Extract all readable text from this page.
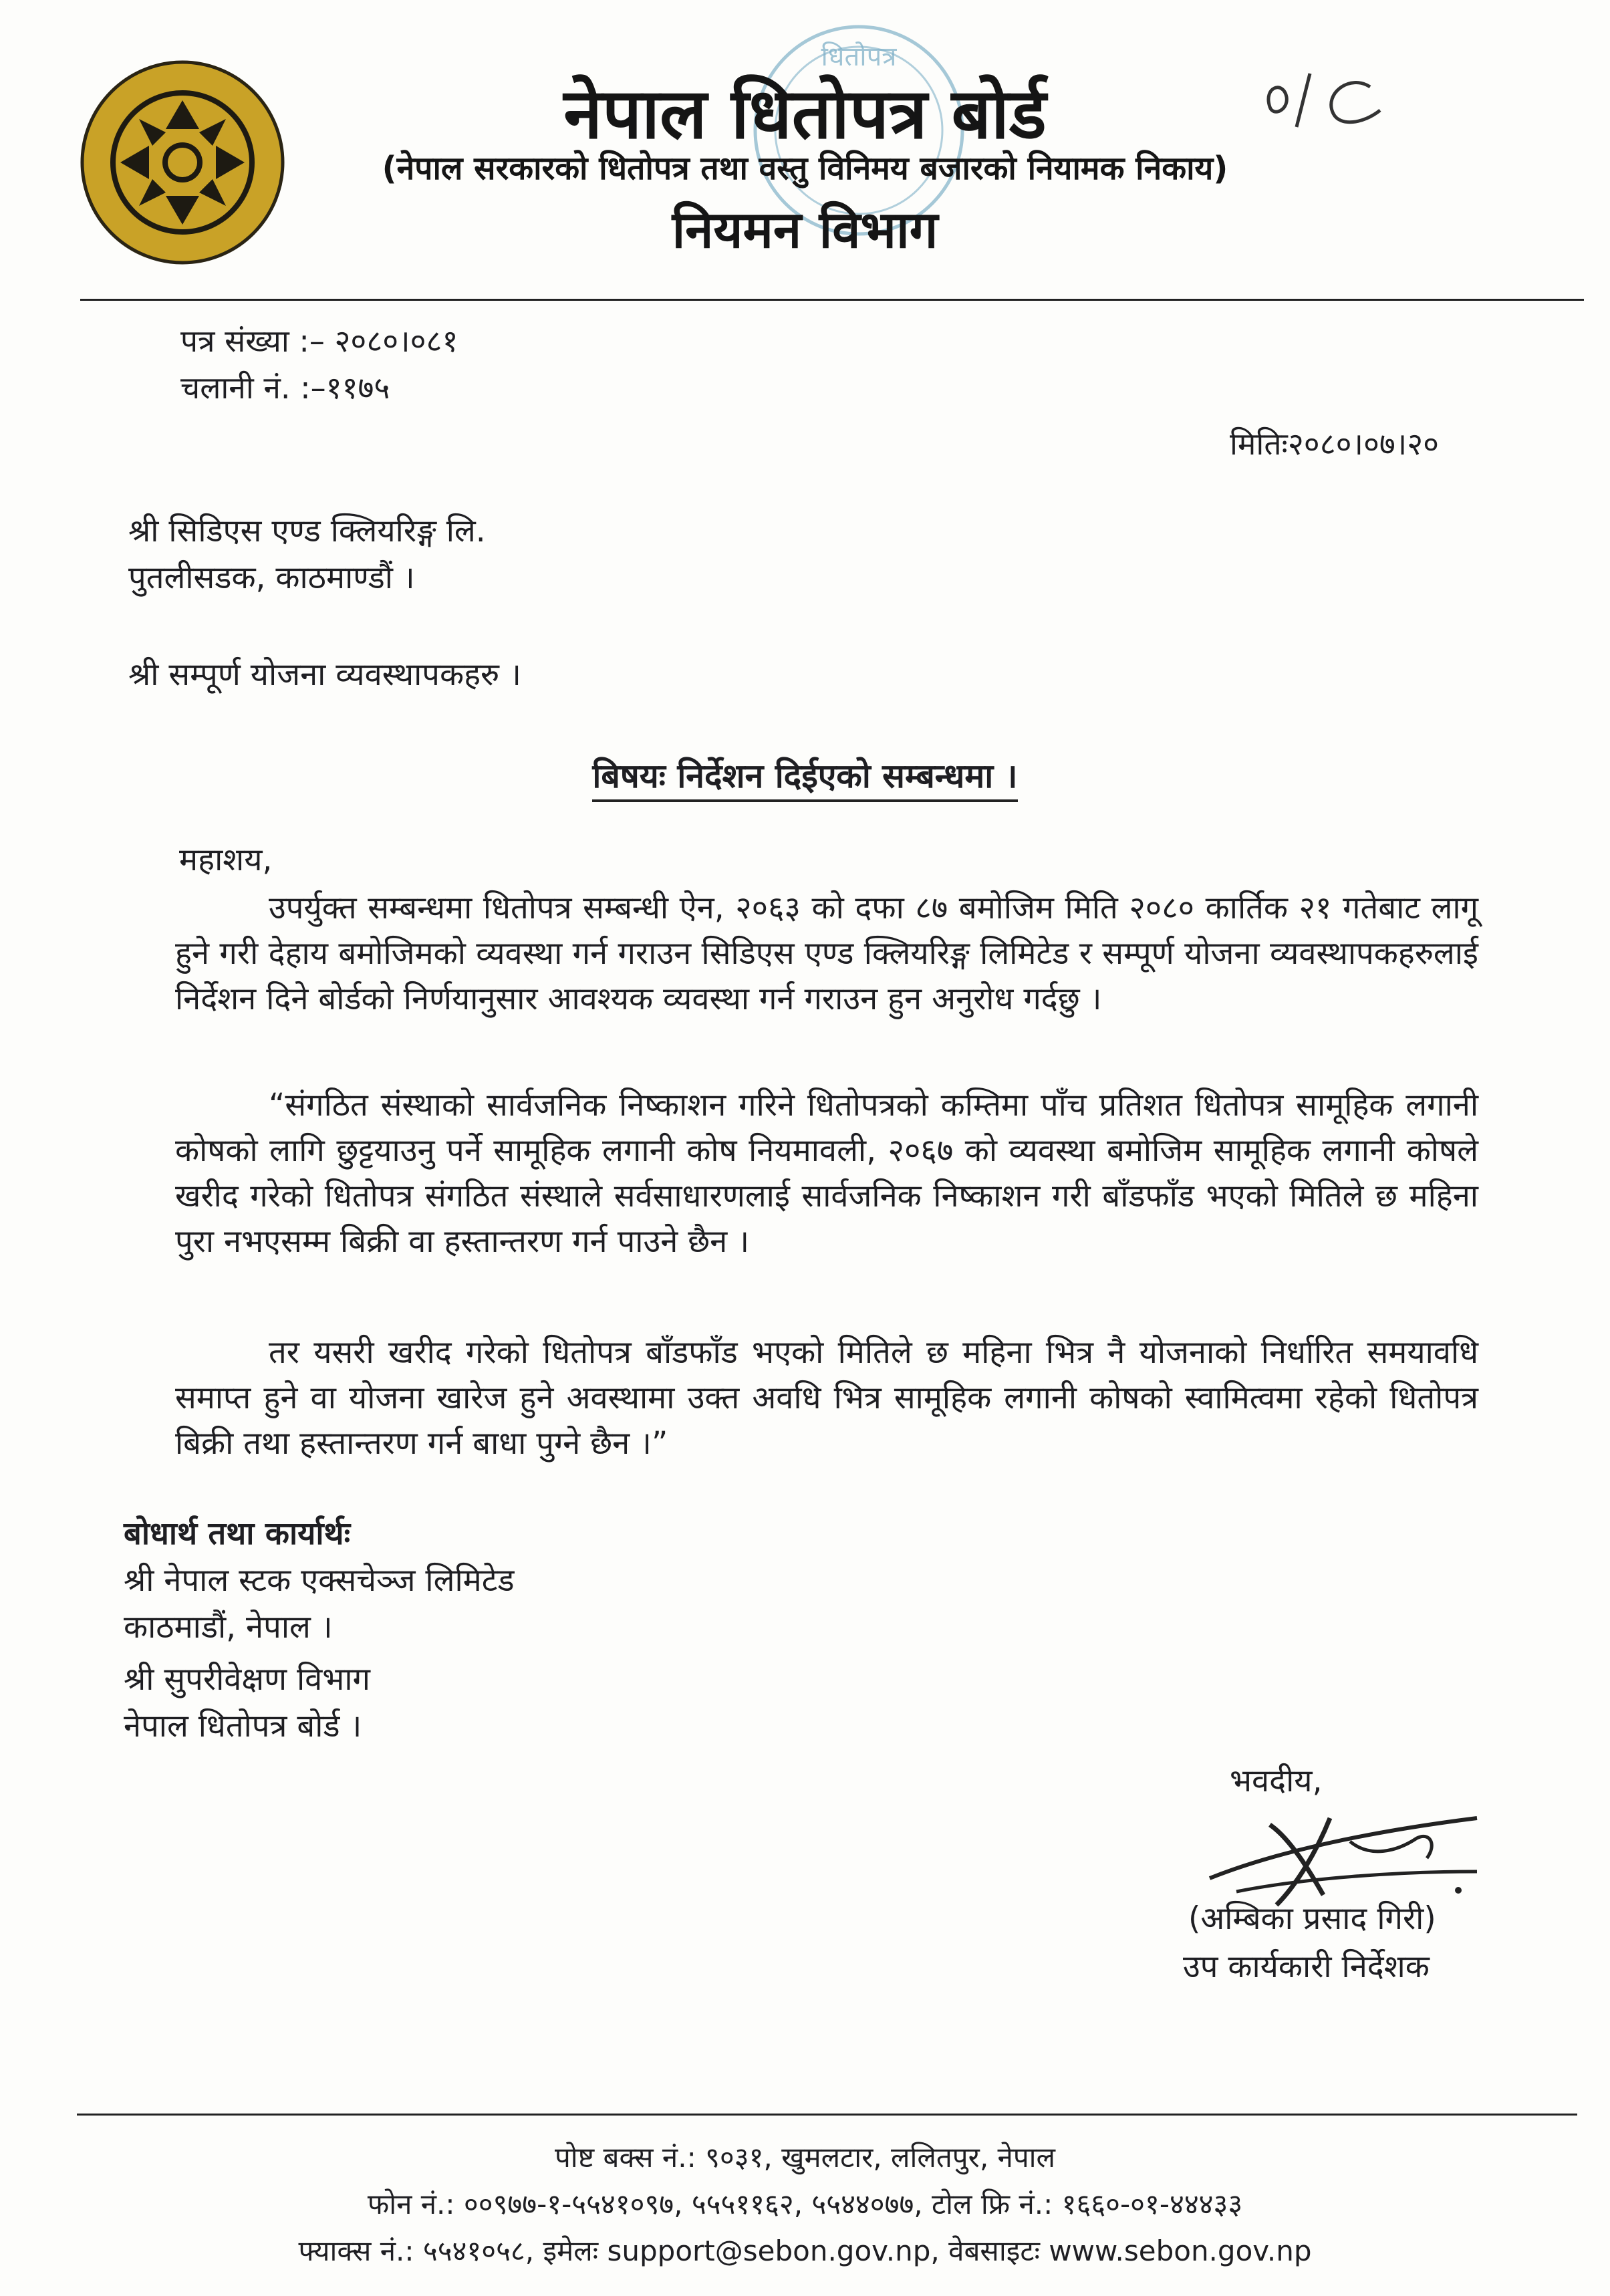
धितोपत्र
नेपाल धितोपत्र बोर्ड
(नेपाल सरकारको धितोपत्र तथा वस्तु विनिमय बजारको नियामक निकाय)
नियमन विभाग
पत्र संख्या :– २०८०।०८१
चलानी नं. :–११७५
मितिः२०८०।०७।२०
श्री सिडिएस एण्ड क्लियरिङ्ग लि.
पुतलीसडक, काठमाण्डौं ।
श्री सम्पूर्ण योजना व्यवस्थापकहरु ।
बिषयः निर्देशन दिईएको सम्बन्धमा ।
महाशय,
उपर्युक्त सम्बन्धमा धितोपत्र सम्बन्धी ऐन, २०६३ को दफा ८७ बमोजिम मिति २०८० कार्तिक २१ गतेबाट लागू हुने गरी देहाय बमोजिमको व्यवस्था गर्न गराउन सिडिएस एण्ड क्लियरिङ्ग लिमिटेड र सम्पूर्ण योजना व्यवस्थापकहरुलाई निर्देशन दिने बोर्डको निर्णयानुसार आवश्यक व्यवस्था गर्न गराउन हुन अनुरोध गर्दछु ।
“संगठित संस्थाको सार्वजनिक निष्काशन गरिने धितोपत्रको कम्तिमा पाँच प्रतिशत धितोपत्र सामूहिक लगानी कोषको लागि छुट्टयाउनु पर्ने सामूहिक लगानी कोष नियमावली, २०६७ को व्यवस्था बमोजिम सामूहिक लगानी कोषले खरीद गरेको धितोपत्र संगठित संस्थाले सर्वसाधारणलाई सार्वजनिक निष्काशन गरी बाँडफाँड भएको मितिले छ महिना पुरा नभएसम्म बिक्री वा हस्तान्तरण गर्न पाउने छैन ।
तर यसरी खरीद गरेको धितोपत्र बाँडफाँड भएको मितिले छ महिना भित्र नै योजनाको निर्धारित समयावधि समाप्त हुने वा योजना खारेज हुने अवस्थामा उक्त अवधि भित्र सामूहिक लगानी कोषको स्वामित्वमा रहेको धितोपत्र बिक्री तथा हस्तान्तरण गर्न बाधा पुग्ने छैन ।”
बोधार्थ तथा कार्यार्थः
श्री नेपाल स्टक एक्सचेञ्ज लिमिटेड
काठमाडौं, नेपाल ।
श्री सुपरीवेक्षण विभाग
नेपाल धितोपत्र बोर्ड ।
भवदीय,
(अम्बिका प्रसाद गिरी)
उप कार्यकारी निर्देशक
पोष्ट बक्स नं.: ९०३१, खुमलटार, ललितपुर, नेपाल
फोन नं.: ००९७७-१-५५४१०९७, ५५५११६२, ५५४४०७७, टोल फ्रि नं.: १६६०-०१-४४४३३
फ्याक्स नं.: ५५४१०५८, इमेलः support@sebon.gov.np, वेबसाइटः www.sebon.gov.np
